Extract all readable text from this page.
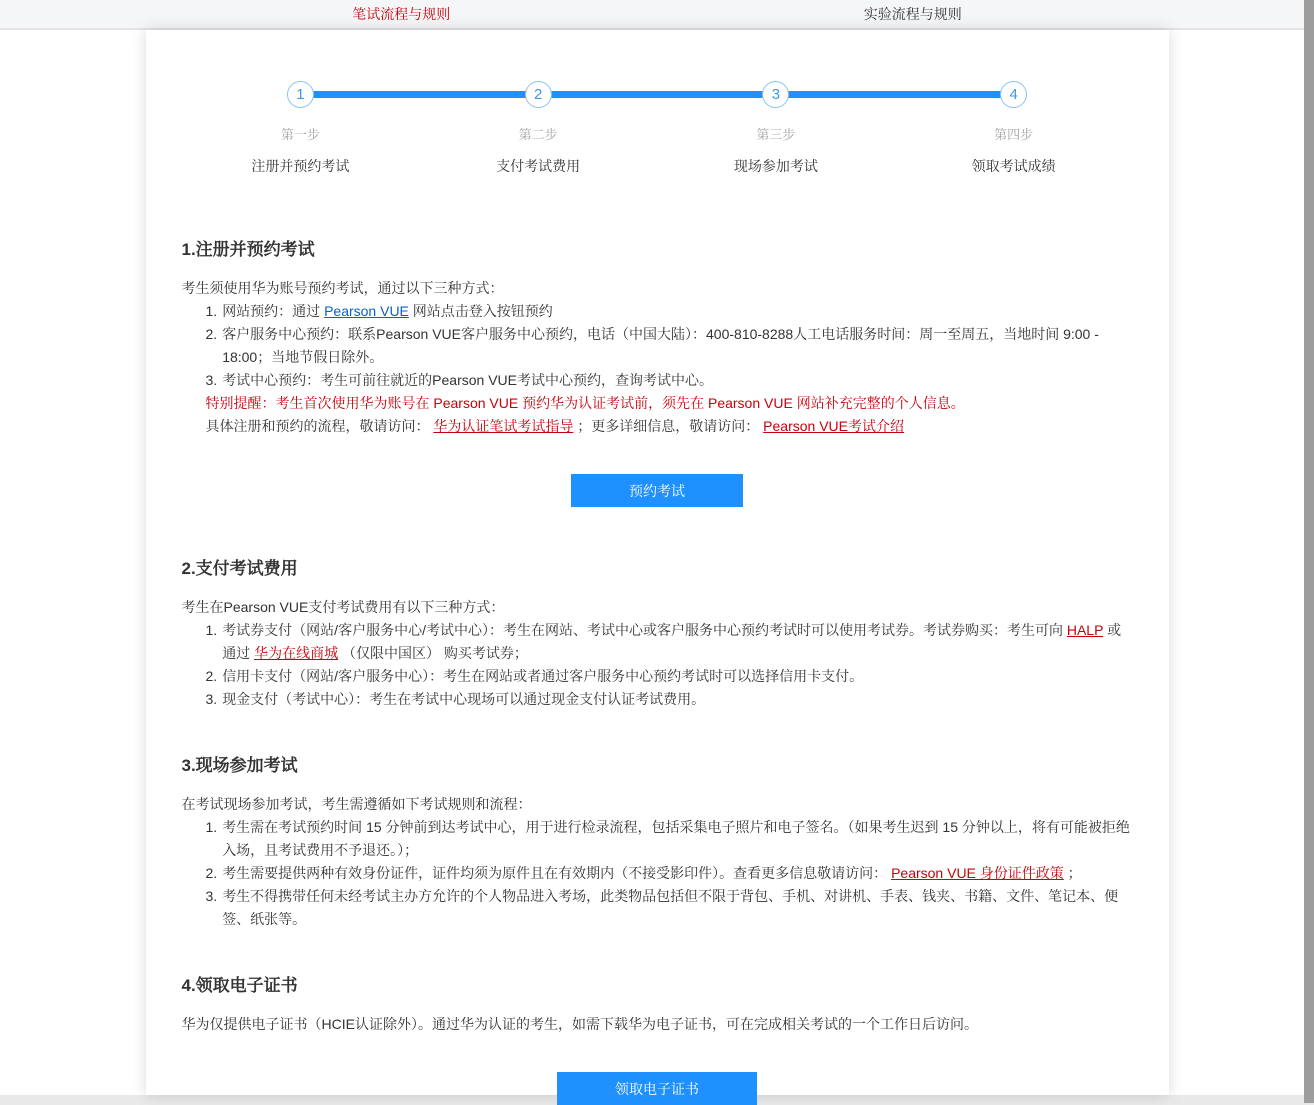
笔试流程与规则	实验流程与规则
1
第一步
注册并预约考试
2
第二步
支付考试费用
3
第三步
现场参加考试
4
第四步
领取考试成绩
1.注册并预约考试

考生须使用华为账号预约考试，通过以下三种方式：

1. 网站预约：通过 Pearson VUE 网站点击登入按钮预约
2. 客户服务中心预约：联系Pearson VUE客户服务中心预约，电话（中国大陆）：400-810-8288人工电话服务时间：周一至周五，当地时间 9:00 - 18:00；当地节假日除外。
3. 考试中心预约：考生可前往就近的Pearson VUE考试中心预约，查询考试中心。
特别提醒：考生首次使用华为账号在 Pearson VUE 预约华为认证考试前，须先在 Pearson VUE 网站补充完整的个人信息。
具体注册和预约的流程，敬请访问： 华为认证笔试考试指导 ；更多详细信息，敬请访问： Pearson VUE考试介绍
预约考试
2.支付考试费用

考生在Pearson VUE支付考试费用有以下三种方式：

1. 考试券支付（网站/客户服务中心/考试中心）：考生在网站、考试中心或客户服务中心预约考试时可以使用考试券。考试券购买：考生可向 HALP 或通过 华为在线商城 （仅限中国区） 购买考试券；
2. 信用卡支付（网站/客户服务中心）：考生在网站或者通过客户服务中心预约考试时可以选择信用卡支付。
3. 现金支付（考试中心）：考生在考试中心现场可以通过现金支付认证考试费用。
3.现场参加考试

在考试现场参加考试，考生需遵循如下考试规则和流程：

1. 考生需在考试预约时间 15 分钟前到达考试中心，用于进行检录流程，包括采集电子照片和电子签名。（如果考生迟到 15 分钟以上，将有可能被拒绝入场，且考试费用不予退还。）；
2. 考生需要提供两种有效身份证件，证件均须为原件且在有效期内（不接受影印件）。查看更多信息敬请访问： Pearson VUE 身份证件政策 ；
3. 考生不得携带任何未经考试主办方允许的个人物品进入考场，此类物品包括但不限于背包、手机、对讲机、手表、钱夹、书籍、文件、笔记本、便签、纸张等。
4.领取电子证书

华为仅提供电子证书（HCIE认证除外）。通过华为认证的考生，如需下载华为电子证书，可在完成相关考试的一个工作日后访问。

领取电子证书
